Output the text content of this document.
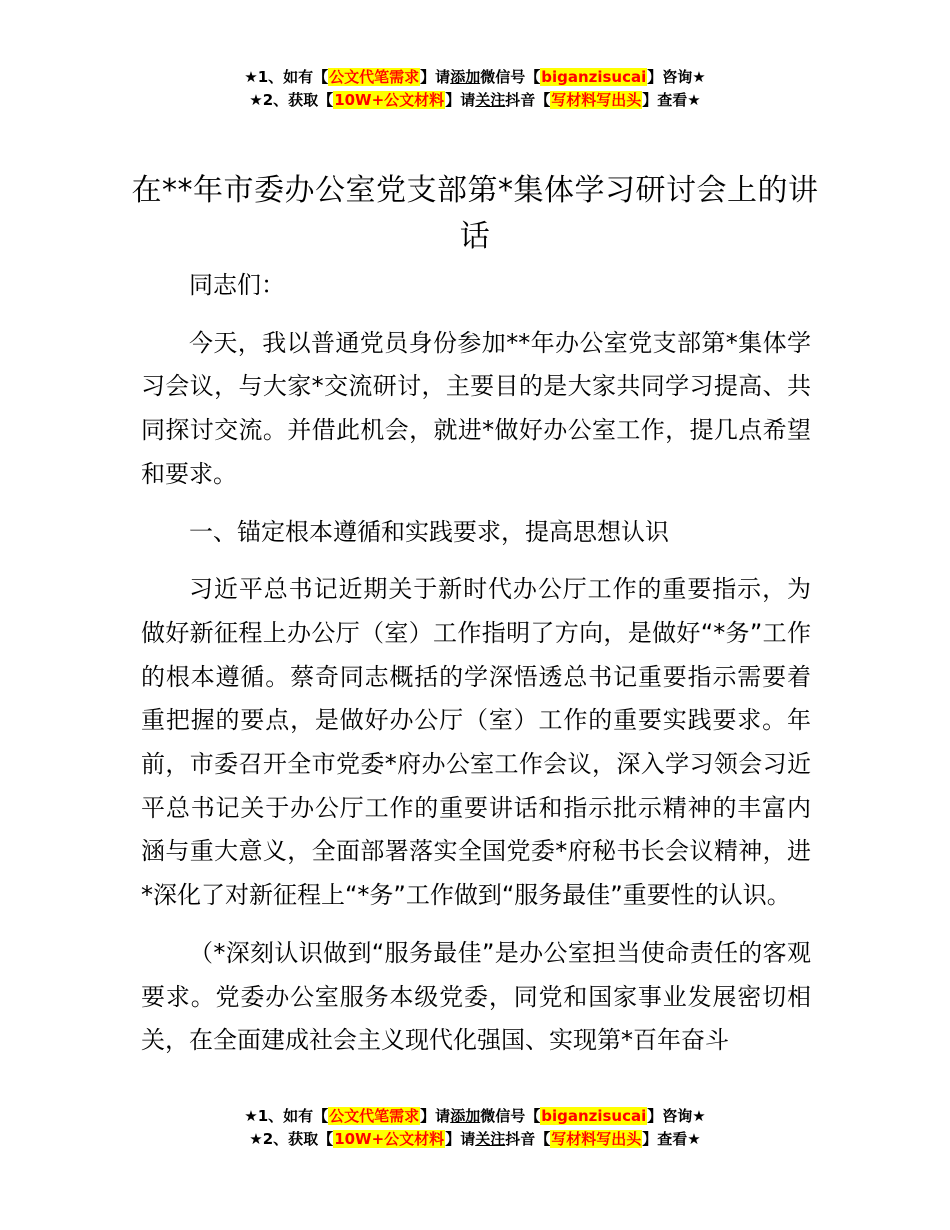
★1、如有【公文代笔需求】请添加微信号【biganzisucai】咨询★
★2、获取【10W+公文材料】请关注抖音【写材料写出头】查看★
在**年市委办公室党支部第*集体学习研讨会上的讲话

同志们：

今天，我以普通党员身份参加**年办公室党支部第*集体学习会议，与大家*交流研讨，主要目的是大家共同学习提高、共同探讨交流。并借此机会，就进*做好办公室工作，提几点希望和要求。

一、锚定根本遵循和实践要求，提高思想认识

习近平总书记近期关于新时代办公厅工作的重要指示，为做好新征程上办公厅（室）工作指明了方向，是做好“*务”工作的根本遵循。蔡奇同志概括的学深悟透总书记重要指示需要着重把握的要点，是做好办公厅（室）工作的重要实践要求。年前，市委召开全市党委*府办公室工作会议，深入学习领会习近平总书记关于办公厅工作的重要讲话和指示批示精神的丰富内涵与重大意义，全面部署落实全国党委*府秘书长会议精神，进*深化了对新征程上“*务”工作做到“服务最佳”重要性的认识。

（*深刻认识做到“服务最佳”是办公室担当使命责任的客观要求。党委办公室服务本级党委，同党和国家事业发展密切相关，在全面建成社会主义现代化强国、实现第*百年奋斗

★1、如有【公文代笔需求】请添加微信号【biganzisucai】咨询★
★2、获取【10W+公文材料】请关注抖音【写材料写出头】查看★
